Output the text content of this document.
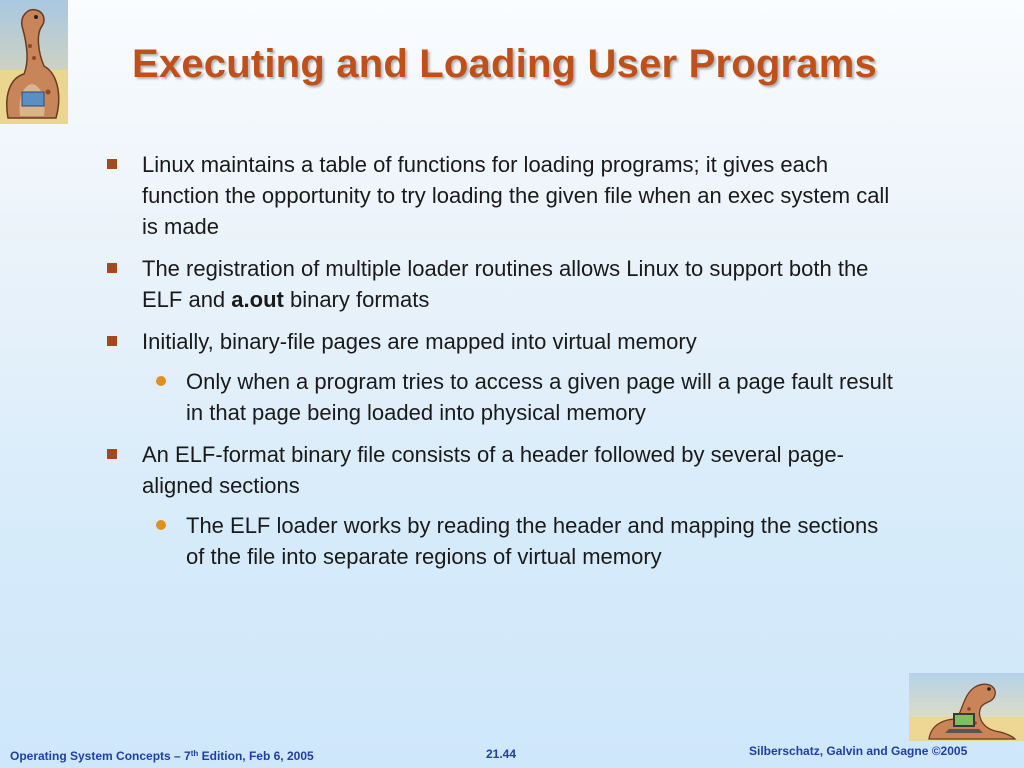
Executing and Loading User Programs
Linux maintains a table of functions for loading programs; it gives each function the opportunity to try loading the given file when an exec system call is made
The registration of multiple loader routines allows Linux to support both the ELF and a.out binary formats
Initially, binary-file pages are mapped into virtual memory
Only when a program tries to access a given page will a page fault result in that page being loaded into physical memory
An ELF-format binary file consists of a header followed by several page-aligned sections
The ELF loader works by reading the header and mapping the sections of the file into separate regions of virtual memory
Operating System Concepts – 7th Edition, Feb 6, 2005	21.44	Silberschatz, Galvin and Gagne ©2005
